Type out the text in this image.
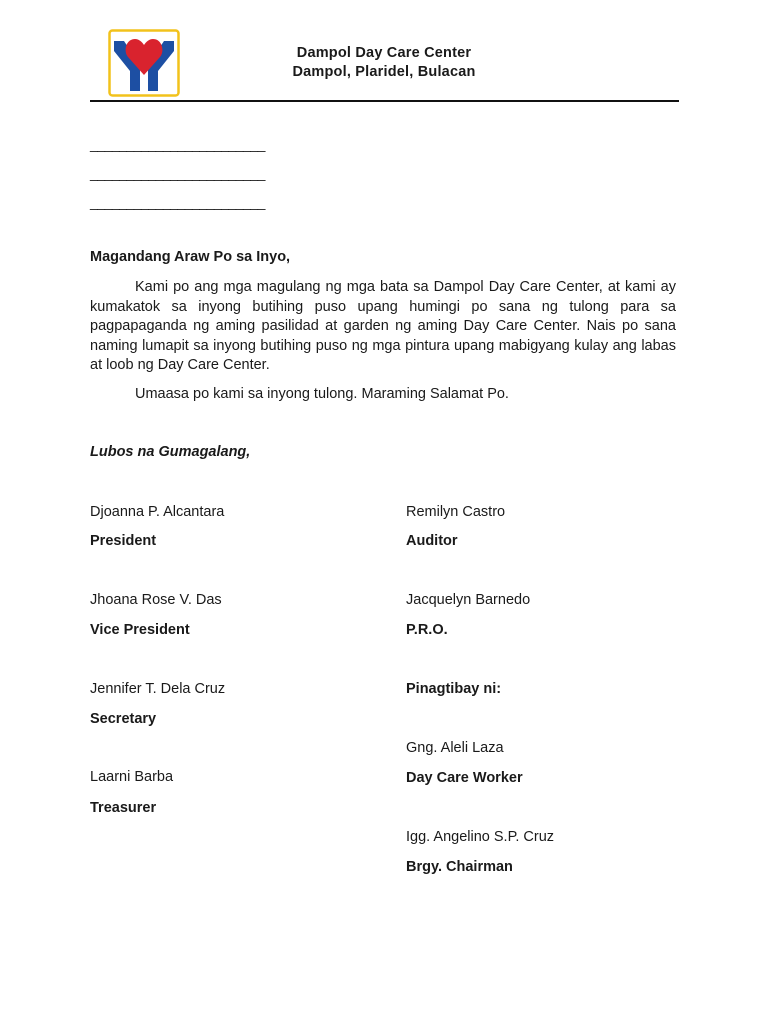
Dampol Day Care Center
Dampol, Plaridel, Bulacan
________________________
________________________
________________________
Magandang Araw Po sa Inyo,

Kami po ang mga magulang ng mga bata sa Dampol Day Care Center, at kami ay kumakatok sa inyong butihing puso upang humingi po sana ng tulong para sa pagpapaganda ng aming pasilidad at garden ng aming Day Care Center. Nais po sana naming lumapit sa inyong butihing puso ng mga pintura upang mabigyang kulay ang labas at loob ng Day Care Center.

Umaasa po kami sa inyong tulong. Maraming Salamat Po.

Lubos na Gumagalang,
Djoanna P. Alcantara
President
Jhoana Rose V. Das
Vice President
Jennifer T. Dela Cruz
Secretary
Laarni Barba
Treasurer
Remilyn Castro
Auditor
Jacquelyn Barnedo
P.R.O.
Pinagtibay ni:
Gng. Aleli Laza
Day Care Worker
Igg. Angelino S.P. Cruz
Brgy. Chairman
